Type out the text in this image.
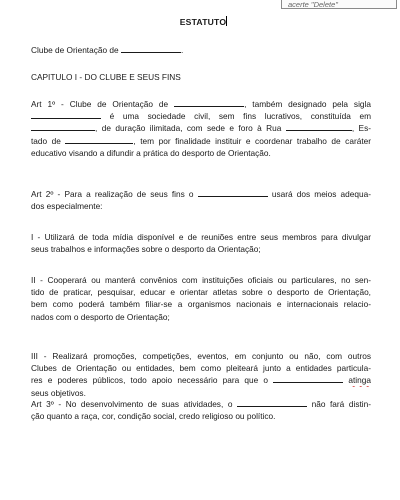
acerte "Delete"
ESTATUTO
Clube de Orientação de	.
CAPITULO I - DO CLUBE E SEUS FINS
Art 1º - Clube de Orientação de	, também designado pela sigla
é uma sociedade civil, sem fins lucrativos, constituída em
, de duração ilimitada, com sede e foro à Rua	, Es-
tado de	, tem por finalidade instituir e coordenar trabalho de caráter
educativo visando a difundir a prática do desporto de Orientação.
Art 2º - Para a realização de seus fins o	usará dos meios adequa-
dos especialmente:
I - Utilizará de toda mídia disponível e de reuniões entre seus membros para divulgar
seus trabalhos e informações sobre o desporto da Orientação;
II - Cooperará ou manterá convênios com instituições oficiais ou particulares, no sen-
tido de praticar, pesquisar, educar e orientar atletas sobre o desporto de Orientação,
bem como poderá também filiar-se a organismos nacionais e internacionais relacio-
nados com o desporto de Orientação;
III - Realizará promoções, competições, eventos, em conjunto ou não, com outros
Clubes de Orientação ou entidades, bem como pleiteará junto a entidades particula-
res e poderes públicos, todo apoio necessário para que o	atinga
seus objetivos.
Art 3º - No desenvolvimento de suas atividades, o	não fará distin-
ção quanto a raça, cor, condição social, credo religioso ou político.
